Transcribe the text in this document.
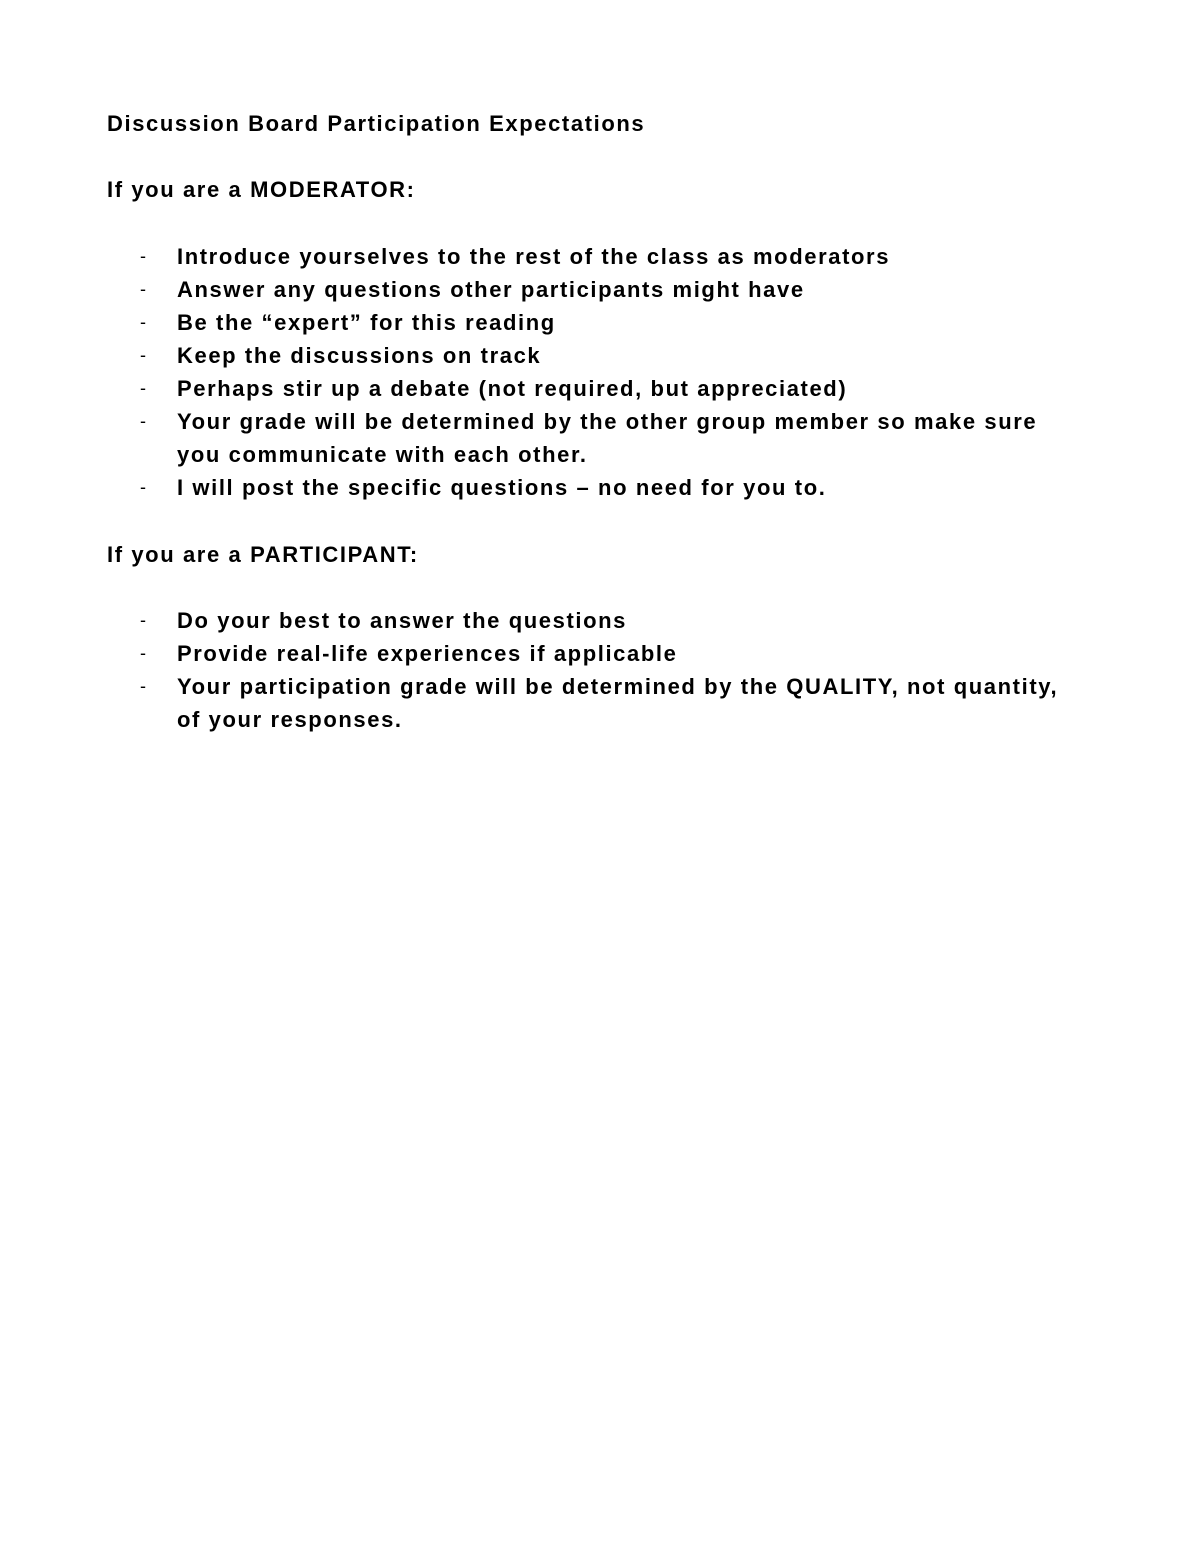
Discussion Board Participation Expectations
If you are a MODERATOR:
- Introduce yourselves to the rest of the class as moderators
- Answer any questions other participants might have
- Be the “expert” for this reading
- Keep the discussions on track
- Perhaps stir up a debate (not required, but appreciated)
- Your grade will be determined by the other group member so make sure you communicate with each other.
- I will post the specific questions – no need for you to.
If you are a PARTICIPANT:
- Do your best to answer the questions
- Provide real-life experiences if applicable
- Your participation grade will be determined by the QUALITY, not quantity, of your responses.
